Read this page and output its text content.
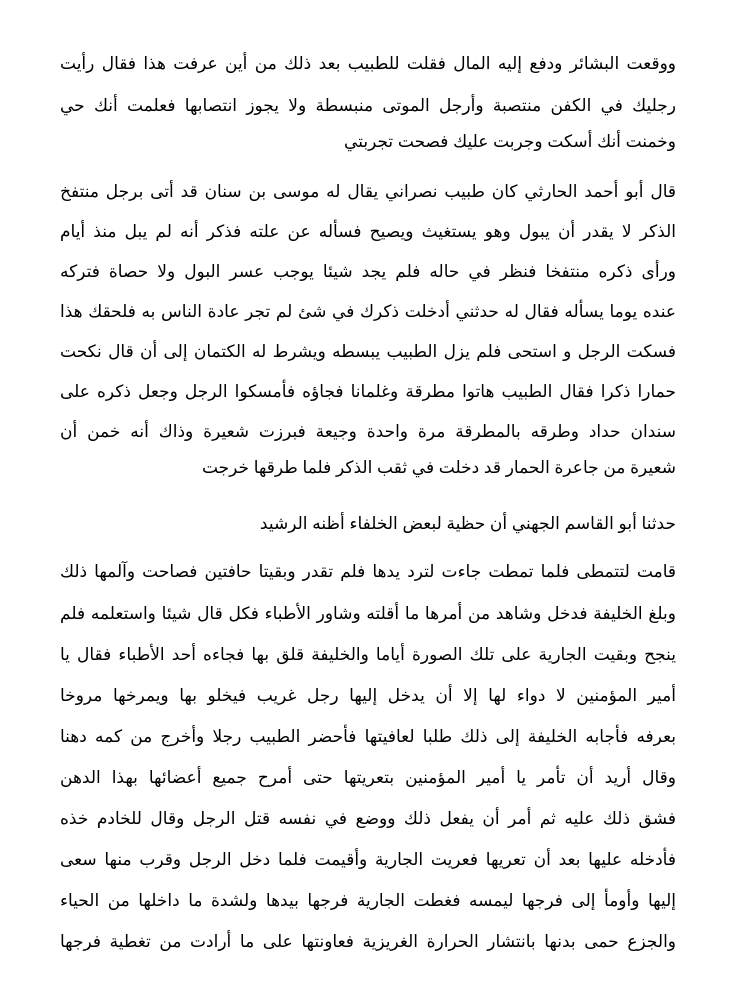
ووقعت البشائر ودفع إليه المال فقلت للطبيب بعد ذلك من أين عرفت هذا فقال رأيت
رجليك في الكفن منتصبة وأرجل الموتى منبسطة ولا يجوز انتصابها فعلمت أنك حي
وخمنت أنك أسكت وجربت عليك فصحت تجربتي
قال أبو أحمد الحارثي كان طبيب نصراني يقال له موسى بن سنان قد أتى برجل منتفخ
الذكر لا يقدر أن يبول وهو يستغيث ويصيح فسأله عن علته فذكر أنه لم يبل منذ أيام
ورأى ذكره منتفخا فنظر في حاله فلم يجد شيئا يوجب عسر البول ولا حصاة فتركه
عنده يوما يسأله فقال له حدثني أدخلت ذكرك في شئ لم تجر عادة الناس به فلحقك هذا
فسكت الرجل و استحى فلم يزل الطبيب يبسطه ويشرط له الكتمان إلى أن قال نكحت
حمارا ذكرا فقال الطبيب هاتوا مطرقة وغلمانا فجاؤه فأمسكوا الرجل وجعل ذكره على
سندان حداد وطرقه بالمطرقة مرة واحدة وجيعة فبرزت شعيرة وذاك أنه خمن أن
شعيرة من جاعرة الحمار قد دخلت في ثقب الذكر فلما طرقها خرجت
حدثنا أبو القاسم الجهني أن حظية لبعض الخلفاء أظنه الرشيد
قامت لتتمطى فلما تمطت جاءت لترد يدها فلم تقدر وبقيتا حافتين فصاحت وآلمها ذلك
وبلغ الخليفة فدخل وشاهد من أمرها ما أقلته وشاور الأطباء فكل قال شيئا واستعلمه فلم
ينجح وبقيت الجارية على تلك الصورة أياما والخليفة قلق بها فجاءه أحد الأطباء فقال يا
أمير المؤمنين لا دواء لها إلا أن يدخل إليها رجل غريب فيخلو بها ويمرخها مروخا
بعرفه فأجابه الخليفة إلى ذلك طلبا لعافيتها فأحضر الطبيب رجلا وأخرج من كمه دهنا
وقال أريد أن تأمر يا أمير المؤمنين بتعريتها حتى أمرح جميع أعضائها بهذا الدهن
فشق ذلك عليه ثم أمر أن يفعل ذلك ووضع في نفسه قتل الرجل وقال للخادم خذه
فأدخله عليها بعد أن تعريها فعريت الجارية وأقيمت فلما دخل الرجل وقرب منها سعى
إليها وأومأ إلى فرجها ليمسه فغطت الجارية فرجها بيدها ولشدة ما داخلها من الحياء
والجزع حمى بدنها بانتشار الحرارة الغريزية فعاونتها على ما أرادت من تغطية فرجها
